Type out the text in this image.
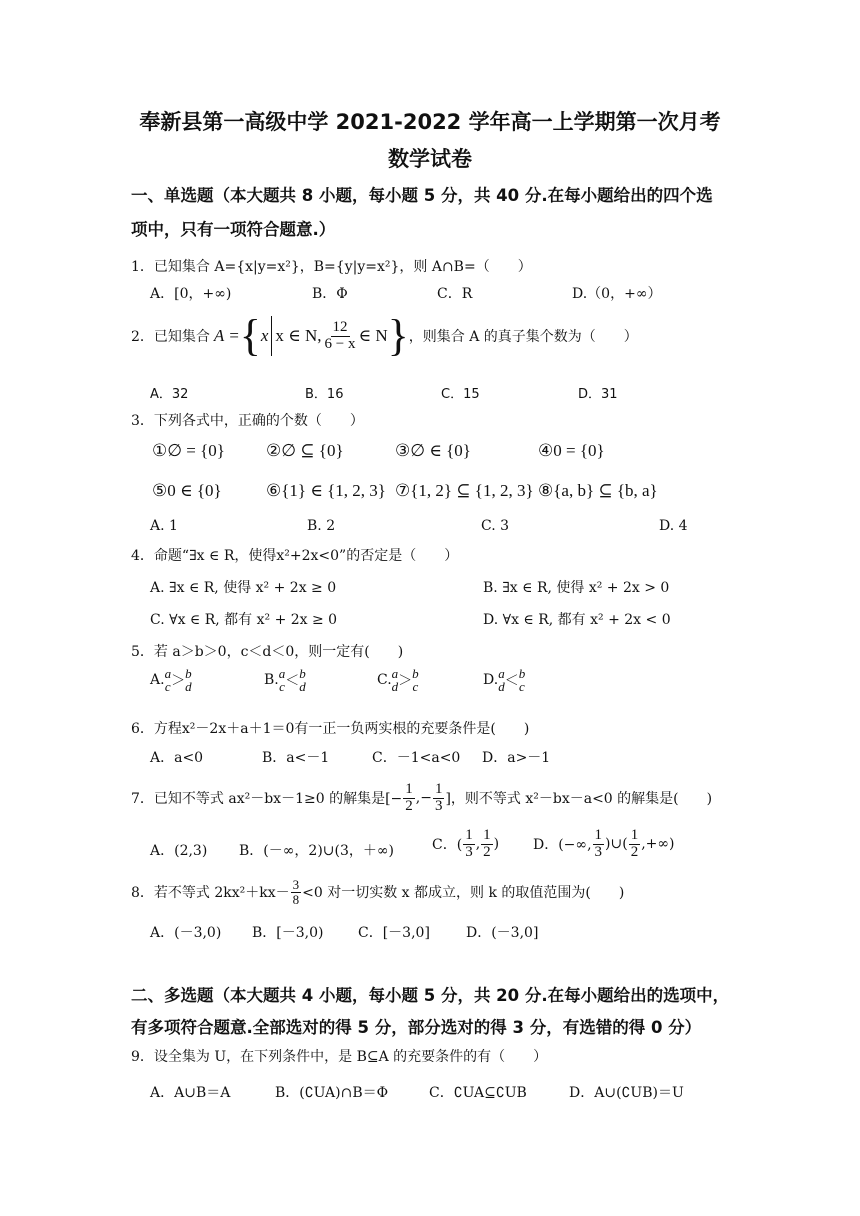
奉新县第一高级中学 2021-2022 学年高一上学期第一次月考
数学试卷
一、单选题（本大题共 8 小题，每小题 5 分，共 40 分.在每小题给出的四个选
项中，只有一项符合题意.）
1．已知集合 A={x|y=x²}，B={y|y=x²}，则 A∩B=（　　）
A．[0，+∞)	B．Φ	C．R	D.（0，+∞）
2．已知集合 A = { x x ∈ N, $\frac{12}{6 - x}$ ∈ N } ，则集合 A 的真子集个数为（　　）
A．32	B．16	C．15	D．31
3．下列各式中，正确的个数（　　）
①∅ = {0} ②∅ ⊆ {0}	③∅ ∈ {0}	④0 = {0}
⑤0 ∈ {0}	⑥{1} ∈ {1, 2, 3} ⑦{1, 2} ⊆ {1, 2, 3} ⑧{a, b} ⊆ {b, a}
A. 1	B. 2	C. 3	D. 4
4．命题“∃x ∈ R，使得x²+2x<0”的否定是（　　）
A. ∃x ∈ R, 使得 x² + 2x ≥ 0	B. ∃x ∈ R, 使得 x² + 2x > 0
C. ∀x ∈ R, 都有 x² + 2x ≥ 0	D. ∀x ∈ R, 都有 x² + 2x < 0
5．若 a＞b＞0，c＜d＜0，则一定有(　　)
A. a
c ＞ b
d	B. a
c ＜ b
d	C. a
d ＞ b
c	D. a
d ＜ b
c
6．方程x²－2x＋a＋1＝0有一正一负两实根的充要条件是(　　)
A．a<0	B．a<－1	C．－1<a<0 D．a>－1
7．已知不等式 ax²－bx－1≥0 的解集是[− $\frac{1}{2}$ ,− $\frac{1}{3}$ ]，则不等式 x²－bx－a<0 的解集是(　　)
A．(2,3) B．(－∞，2)∪(3，＋∞)	C．( $\frac{1}{3}$ , $\frac{1}{2}$ ) D．(−∞, $\frac{1}{3}$ )∪( $\frac{1}{2}$ ,+∞)
8．若不等式 $2kx^2+kx- \frac{3}{8} <0$ 对一切实数 x 都成立，则 k 的取值范围为(　　)
A．(－3,0) B．[－3,0) C．[－3,0]	D．(－3,0]
二、多选题（本大题共 4 小题，每小题 5 分，共 20 分.在每小题给出的选项中，
有多项符合题意.全部选对的得 5 分，部分选对的得 3 分，有选错的得 0 分）
9．设全集为 U，在下列条件中，是 B⊆A 的充要条件的有（　　）
A．A∪B＝A	B．(∁UA)∩B＝Φ	C．∁UA⊆∁UB	D．A∪(∁UB)＝U
